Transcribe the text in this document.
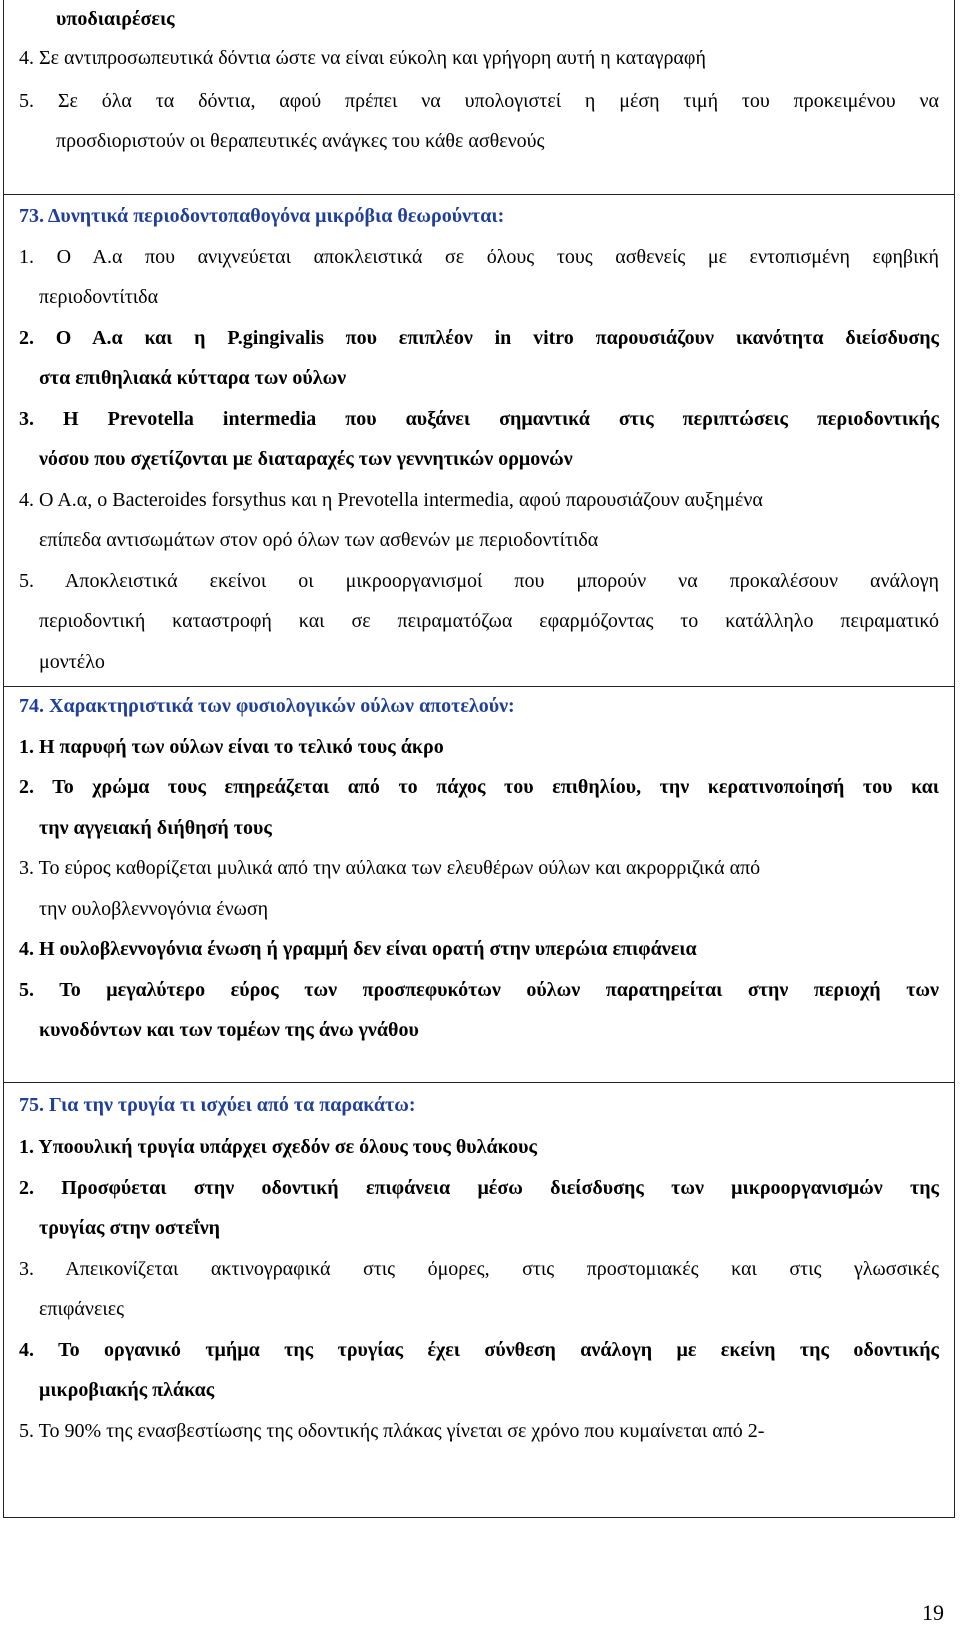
υποδιαιρέσεις
4. Σε αντιπροσωπευτικά δόντια ώστε να είναι εύκολη και γρήγορη αυτή η καταγραφή
5. Σε όλα τα δόντια, αφού πρέπει να υπολογιστεί η μέση τιμή του προκειμένου να
προσδιοριστούν οι θεραπευτικές ανάγκες του κάθε ασθενούς
73. Δυνητικά περιοδοντοπαθογόνα μικρόβια θεωρούνται:
1. Ο Α.α που ανιχνεύεται αποκλειστικά σε όλους τους ασθενείς με εντοπισμένη εφηβική
περιοδοντίτιδα
2. Ο Α.α και η P.gingivalis που επιπλέον in vitro παρουσιάζουν ικανότητα διείσδυσης
στα επιθηλιακά κύτταρα των ούλων
3. Η Prevotella intermedia που αυξάνει σημαντικά στις περιπτώσεις περιοδοντικής
νόσου που σχετίζονται με διαταραχές των γεννητικών ορμονών
4. Ο Α.α, ο Bacteroides forsythus και η Prevotella intermedia, αφού παρουσιάζουν αυξημένα
επίπεδα αντισωμάτων στον ορό όλων των ασθενών με περιοδοντίτιδα
5. Αποκλειστικά εκείνοι οι μικροοργανισμοί που μπορούν να προκαλέσουν ανάλογη
περιοδοντική καταστροφή και σε πειραματόζωα εφαρμόζοντας το κατάλληλο πειραματικό
μοντέλο
74. Χαρακτηριστικά των φυσιολογικών ούλων αποτελούν:
1. Η παρυφή των ούλων είναι το τελικό τους άκρο
2. Το χρώμα τους επηρεάζεται από το πάχος του επιθηλίου, την κερατινοποίησή του και
την αγγειακή διήθησή τους
3. Το εύρος καθορίζεται μυλικά από την αύλακα των ελευθέρων ούλων και ακρορριζικά από
την ουλοβλεννογόνια ένωση
4. Η ουλοβλεννογόνια ένωση ή γραμμή δεν είναι ορατή στην υπερώια επιφάνεια
5. Το μεγαλύτερο εύρος των προσπεφυκότων ούλων παρατηρείται στην περιοχή των
κυνοδόντων και των τομέων της άνω γνάθου
75. Για την τρυγία τι ισχύει από τα παρακάτω:
1. Υποουλική τρυγία υπάρχει σχεδόν σε όλους τους θυλάκους
2. Προσφύεται στην οδοντική επιφάνεια μέσω διείσδυσης των μικροοργανισμών της
τρυγίας στην οστεΐνη
3. Απεικονίζεται ακτινογραφικά στις όμορες, στις προστομιακές και στις γλωσσικές
επιφάνειες
4. Το οργανικό τμήμα της τρυγίας έχει σύνθεση ανάλογη με εκείνη της οδοντικής
μικροβιακής πλάκας
5. Το 90% της ενασβεστίωσης της οδοντικής πλάκας γίνεται σε χρόνο που κυμαίνεται από 2-
19
